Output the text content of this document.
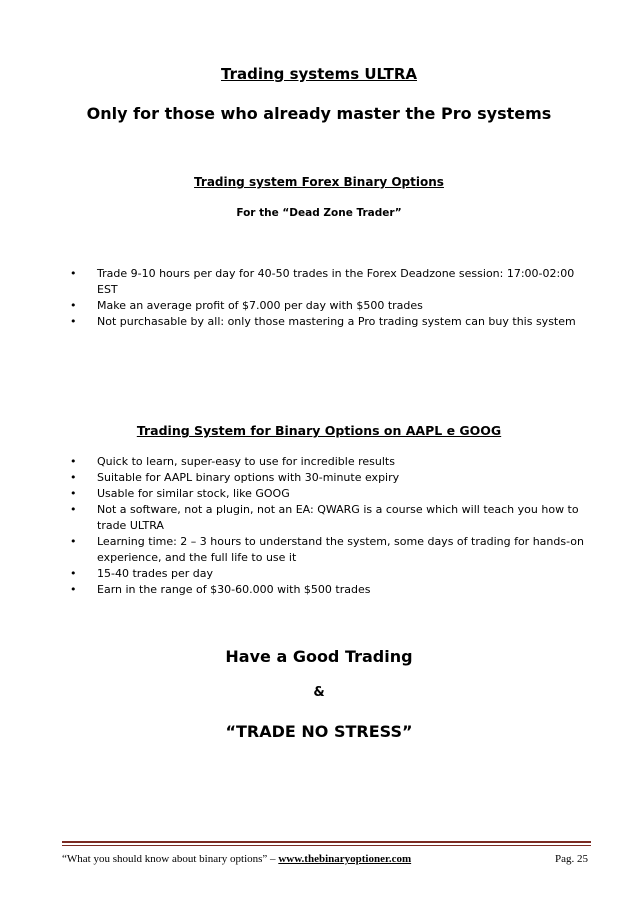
Trading systems ULTRA
Only for those who already master the Pro systems
Trading system Forex Binary Options
For the “Dead Zone Trader”
• Trade 9-10 hours per day for 40-50 trades in the Forex Deadzone session: 17:00-02:00 EST
• Make an average profit of $7.000 per day with $500 trades
• Not purchasable by all: only those mastering a Pro trading system can buy this system
Trading System for Binary Options on AAPL e GOOG
• Quick to learn, super-easy to use for incredible results
• Suitable for AAPL binary options with 30-minute expiry
• Usable for similar stock, like GOOG
• Not a software, not a plugin, not an EA: QWARG is a course which will teach you how to trade ULTRA
• Learning time: 2 – 3 hours to understand the system, some days of trading for hands-on experience, and the full life to use it
• 15-40 trades per day
• Earn in the range of $30-60.000 with $500 trades
Have a Good Trading
&
“TRADE NO STRESS”
“What you should know about binary options” – www.thebinaryoptioner.com	Pag. 25
